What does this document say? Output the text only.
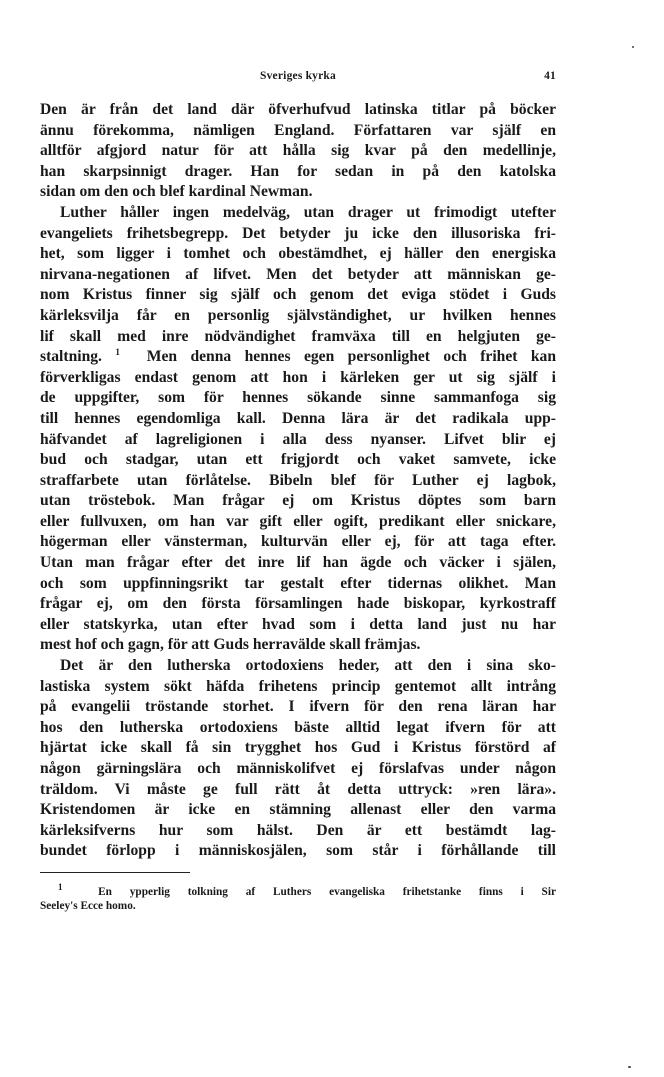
Sveriges kyrka	41

Den är från det land där öfverhufvud latinska titlar på böcker
ännu förekomma, nämligen England. Författaren var själf en
alltför afgjord natur för att hålla sig kvar på den medellinje,
han skarpsinnigt drager. Han for sedan in på den katolska
sidan om den och blef kardinal Newman.

Luther håller ingen medelväg, utan drager ut frimodigt utefter
evangeliets frihetsbegrepp. Det betyder ju icke den illusoriska fri-
het, som ligger i tomhet och obestämdhet, ej häller den energiska
nirvana-negationen af lifvet. Men det betyder att människan ge-
nom Kristus finner sig själf och genom det eviga stödet i Guds
kärleksvilja får en personlig självständighet, ur hvilken hennes
lif skall med inre nödvändighet framväxa till en helgjuten ge-
staltning. $^1$ Men denna hennes egen personlighet och frihet kan
förverkligas endast genom att hon i kärleken ger ut sig själf i
de uppgifter, som för hennes sökande sinne sammanfoga sig
till hennes egendomliga kall. Denna lära är det radikala upp-
häfvandet af lagreligionen i alla dess nyanser. Lifvet blir ej
bud och stadgar, utan ett frigjordt och vaket samvete, icke
straffarbete utan förlåtelse. Bibeln blef för Luther ej lagbok,
utan tröstebok. Man frågar ej om Kristus döptes som barn
eller fullvuxen, om han var gift eller ogift, predikant eller snickare,
högerman eller vänsterman, kulturvän eller ej, för att taga efter.
Utan man frågar efter det inre lif han ägde och väcker i själen,
och som uppfinningsrikt tar gestalt efter tidernas olikhet. Man
frågar ej, om den första församlingen hade biskopar, kyrkostraff
eller statskyrka, utan efter hvad som i detta land just nu har
mest hof och gagn, för att Guds herravälde skall främjas.

Det är den lutherska ortodoxiens heder, att den i sina sko-
lastiska system sökt häfda frihetens princip gentemot allt intrång
på evangelii tröstande storhet. I ifvern för den rena läran har
hos den lutherska ortodoxiens bäste alltid legat ifvern för att
hjärtat icke skall få sin trygghet hos Gud i Kristus förstörd af
någon gärningslära och människolifvet ej förslafvas under någon
träldom. Vi måste ge full rätt åt detta uttryck: »ren lära».
Kristendomen är icke en stämning allenast eller den varma
kärleksifverns hur som hälst. Den är ett bestämdt lag-
bundet förlopp i människosjälen, som står i förhållande till

$^1$	En ypperlig tolkning af Luthers evangeliska frihetstanke finns i Sir
Seeley's Ecce homo.
